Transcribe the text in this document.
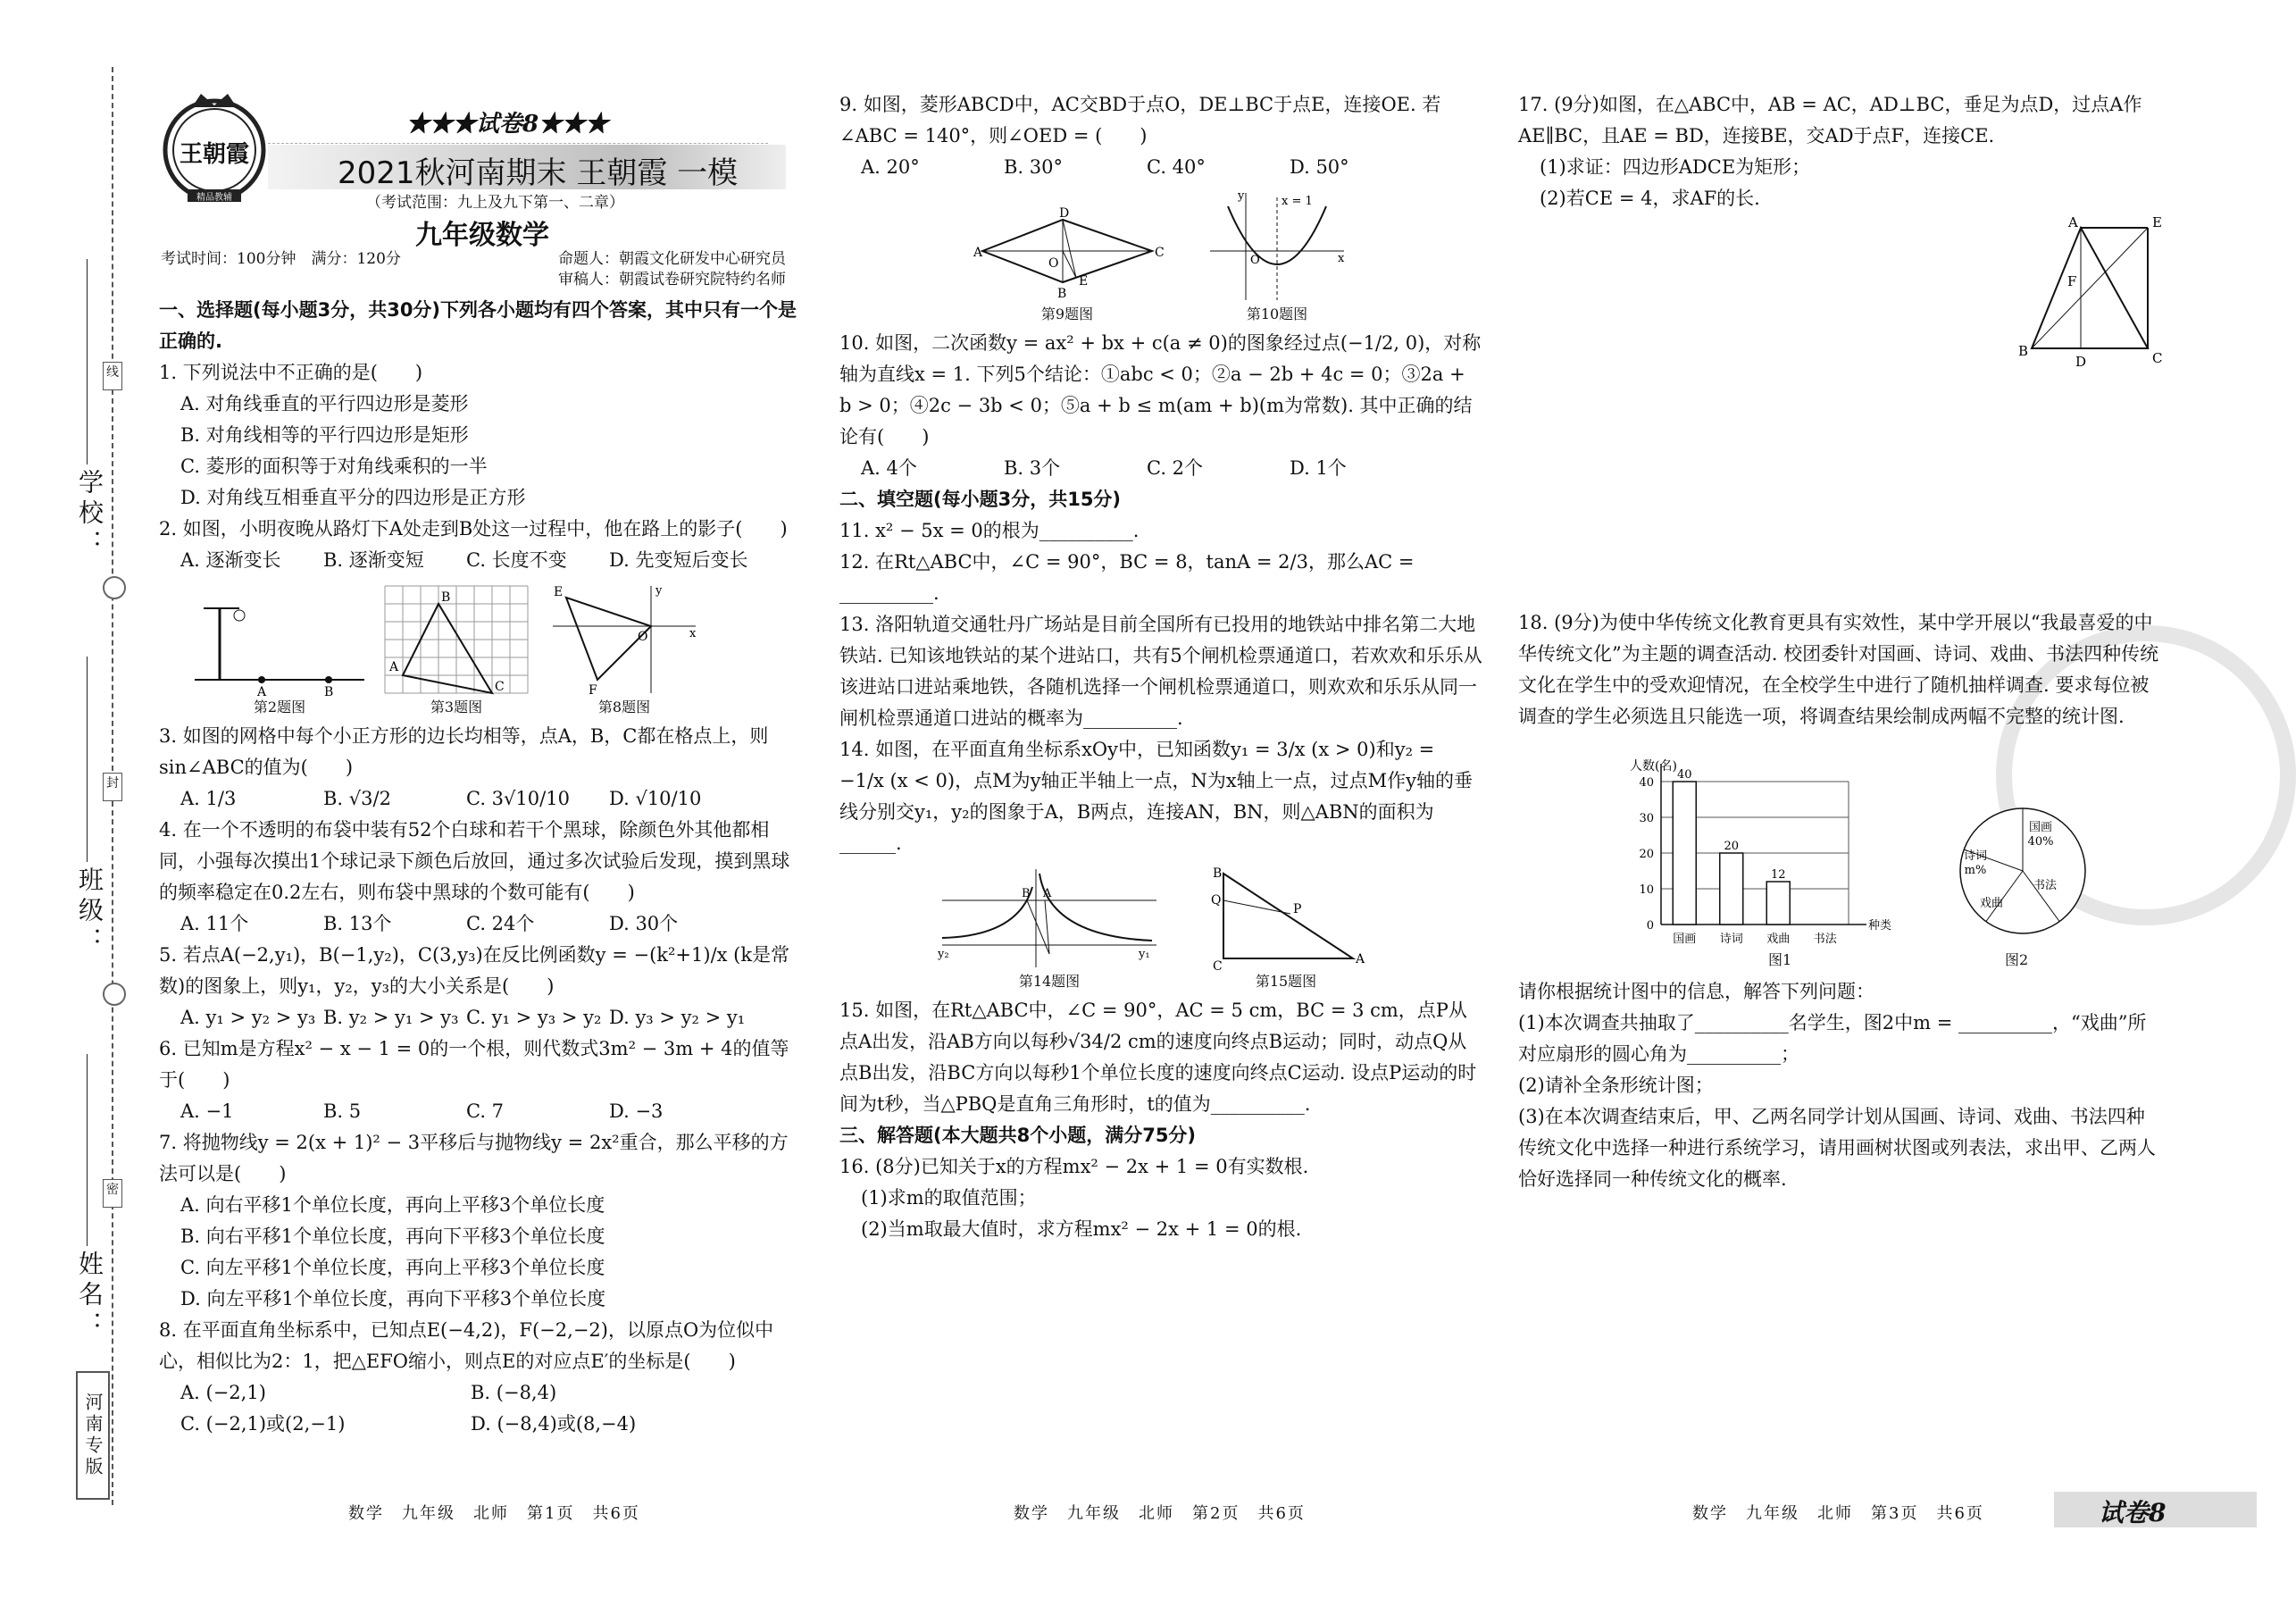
学校：
班级：
姓名：
线
封
密
河南专版
王朝霞
精品教辅
★★★试卷8★★★
2021秋河南期末 王朝霞 一模
（考试范围：九上及九下第一、二章）
九年级数学
考试时间：100分钟　满分：120分	命题人：朝霞文化研发中心研究员
审稿人：朝霞试卷研究院特约名师

一、选择题(每小题3分，共30分)下列各小题均有四个答案，其中只有一个是正确的.

1. 下列说法中不正确的是(　　)

A. 对角线垂直的平行四边形是菱形

B. 对角线相等的平行四边形是矩形

C. 菱形的面积等于对角线乘积的一半

D. 对角线互相垂直平分的四边形是正方形

2. 如图，小明夜晚从路灯下A处走到B处这一过程中，他在路上的影子(　　)

A. 逐渐变长	B. 逐渐变短	C. 长度不变	D. 先变短后变长
A	B
第2题图
B
A
C
第3题图
E
F
O	x
y
第8题图

3. 如图的网格中每个小正方形的边长均相等，点A，B，C都在格点上，则sin∠ABC的值为(　　)

A. 1/3	B. √3/2	C. 3√10/10	D. √10/10

4. 在一个不透明的布袋中装有52个白球和若干个黑球，除颜色外其他都相同，小强每次摸出1个球记录下颜色后放回，通过多次试验后发现，摸到黑球的频率稳定在0.2左右，则布袋中黑球的个数可能有(　　)

A. 11个	B. 13个	C. 24个	D. 30个

5. 若点A(−2,y₁)，B(−1,y₂)，C(3,y₃)在反比例函数y = −(k²+1)/x (k是常数)的图象上，则y₁，y₂，y₃的大小关系是(　　)

A. y₁ > y₂ > y₃ B. y₂ > y₁ > y₃ C. y₁ > y₃ > y₂ D. y₃ > y₂ > y₁

6. 已知m是方程x² − x − 1 = 0的一个根，则代数式3m² − 3m + 4的值等于(　　)

A. −1	B. 5	C. 7	D. −3

7. 将抛物线y = 2(x + 1)² − 3平移后与抛物线y = 2x²重合，那么平移的方法可以是(　　)

A. 向右平移1个单位长度，再向上平移3个单位长度

B. 向右平移1个单位长度，再向下平移3个单位长度

C. 向左平移1个单位长度，再向上平移3个单位长度

D. 向左平移1个单位长度，再向下平移3个单位长度

8. 在平面直角坐标系中，已知点E(−4,2)，F(−2,−2)，以原点O为位似中心，相似比为2：1，把△EFO缩小，则点E的对应点E′的坐标是(　　)

A. (−2,1)	B. (−8,4)
C. (−2,1)或(2,−1)	D. (−8,4)或(8,−4)

9. 如图，菱形ABCD中，AC交BD于点O，DE⊥BC于点E，连接OE. 若∠ABC = 140°，则∠OED = (　　)

A. 20°	B. 30°	C. 40°	D. 50°
A
D
C
B
O
E
第9题图
x = 1
O	x
y
第10题图

10. 如图，二次函数y = ax² + bx + c(a ≠ 0)的图象经过点(−1/2, 0)，对称轴为直线x = 1. 下列5个结论：①abc < 0；②a − 2b + 4c = 0；③2a + b > 0；④2c − 3b < 0；⑤a + b ≤ m(am + b)(m为常数). 其中正确的结论有(　　)

A. 4个	B. 3个	C. 2个	D. 1个

二、填空题(每小题3分，共15分)

11. x² − 5x = 0的根为__________.

12. 在Rt△ABC中，∠C = 90°，BC = 8，tanA = 2/3，那么AC = __________.

13. 洛阳轨道交通牡丹广场站是目前全国所有已投用的地铁站中排名第二大地铁站. 已知该地铁站的某个进站口，共有5个闸机检票通道口，若欢欢和乐乐从该进站口进站乘地铁，各随机选择一个闸机检票通道口，则欢欢和乐乐从同一闸机检票通道口进站的概率为__________.

14. 如图，在平面直角坐标系xOy中，已知函数y₁ = 3/x (x > 0)和y₂ = −1/x (x < 0)，点M为y轴正半轴上一点，N为x轴上一点，过点M作y轴的垂线分别交y₁，y₂的图象于A，B两点，连接AN，BN，则△ABN的面积为______.

B A
y₂	y₁
第14题图
B
Q
P
C	A
第15题图

15. 如图，在Rt△ABC中，∠C = 90°，AC = 5 cm，BC = 3 cm，点P从点A出发，沿AB方向以每秒√34/2 cm的速度向终点B运动；同时，动点Q从点B出发，沿BC方向以每秒1个单位长度的速度向终点C运动. 设点P运动的时间为t秒，当△PBQ是直角三角形时，t的值为__________.

三、解答题(本大题共8个小题，满分75分)

16. (8分)已知关于x的方程mx² − 2x + 1 = 0有实数根.

(1)求m的取值范围；

(2)当m取最大值时，求方程mx² − 2x + 1 = 0的根.

17. (9分)如图，在△ABC中，AB = AC，AD⊥BC，垂足为点D，过点A作AE∥BC，且AE = BD，连接BE，交AD于点F，连接CE.

(1)求证：四边形ADCE为矩形；

(2)若CE = 4，求AF的长.

A	E
B
D	C
F

18. (9分)为使中华传统文化教育更具有实效性，某中学开展以“我最喜爱的中华传统文化”为主题的调查活动. 校团委针对国画、诗词、戏曲、书法四种传统文化在学生中的受欢迎情况，在全校学生中进行了随机抽样调查. 要求每位被调查的学生必须选且只能选一项，将调查结果绘制成两幅不完整的统计图.

人数(名)
0
10
20
30
40
种类
国画
40
诗词
20
戏曲
12
书法
图1
国画
40%
诗词
m%
戏曲
书法
图2

请你根据统计图中的信息，解答下列问题：

(1)本次调查共抽取了__________名学生，图2中m = __________，“戏曲”所对应扇形的圆心角为__________；

(2)请补全条形统计图；

(3)在本次调查结束后，甲、乙两名同学计划从国画、诗词、戏曲、书法四种传统文化中选择一种进行系统学习，请用画树状图或列表法，求出甲、乙两人恰好选择同一种传统文化的概率.

数学　九年级　北师　第1页　共6页	数学　九年级　北师　第2页　共6页	数学　九年级　北师　第3页　共6页	试卷8
